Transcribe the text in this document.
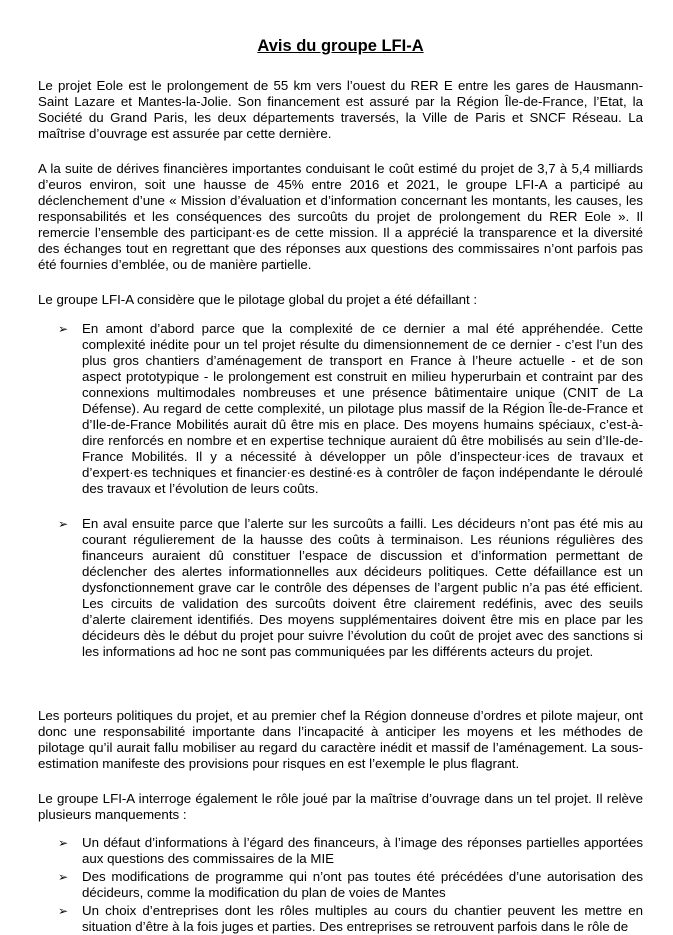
Avis du groupe LFI-A

Le projet Eole est le prolongement de 55 km vers l’ouest du RER E entre les gares de Hausmann-Saint Lazare et Mantes-la-Jolie. Son financement est assuré par la Région Île-de-France, l’Etat, la Société du Grand Paris, les deux départements traversés, la Ville de Paris et SNCF Réseau. La maîtrise d’ouvrage est assurée par cette dernière.

A la suite de dérives financières importantes conduisant le coût estimé du projet de 3,7 à 5,4 milliards d’euros environ, soit une hausse de 45% entre 2016 et 2021, le groupe LFI-A a participé au déclenchement d’une « Mission d’évaluation et d’information concernant les montants, les causes, les responsabilités et les conséquences des surcoûts du projet de prolongement du RER Eole ». Il remercie l’ensemble des participant·es de cette mission. Il a apprécié la transparence et la diversité des échanges tout en regrettant que des réponses aux questions des commissaires n’ont parfois pas été fournies d’emblée, ou de manière partielle.

Le groupe LFI-A considère que le pilotage global du projet a été défaillant :

➢ En amont d’abord parce que la complexité de ce dernier a mal été appréhendée. Cette complexité inédite pour un tel projet résulte du dimensionnement de ce dernier - c’est l’un des plus gros chantiers d’aménagement de transport en France à l’heure actuelle - et de son aspect prototypique - le prolongement est construit en milieu hyperurbain et contraint par des connexions multimodales nombreuses et une présence bâtimentaire unique (CNIT de La Défense). Au regard de cette complexité, un pilotage plus massif de la Région Île-de-France et d’Ile-de-France Mobilités aurait dû être mis en place. Des moyens humains spéciaux, c’est-à-dire renforcés en nombre et en expertise technique auraient dû être mobilisés au sein d’Ile-de-France Mobilités. Il y a nécessité à développer un pôle d’inspecteur·ices de travaux et d’expert·es techniques et financier·es destiné·es à contrôler de façon indépendante le déroulé des travaux et l’évolution de leurs coûts.
➢ En aval ensuite parce que l’alerte sur les surcoûts a failli. Les décideurs n’ont pas été mis au courant régulierement de la hausse des coûts à terminaison. Les réunions régulières des financeurs auraient dû constituer l’espace de discussion et d’information permettant de déclencher des alertes informationnelles aux décideurs politiques. Cette défaillance est un dysfonctionnement grave car le contrôle des dépenses de l’argent public n’a pas été efficient. Les circuits de validation des surcoûts doivent être clairement redéfinis, avec des seuils d’alerte clairement identifiés. Des moyens supplémentaires doivent être mis en place par les décideurs dès le début du projet pour suivre l’évolution du coût de projet avec des sanctions si les informations ad hoc ne sont pas communiquées par les différents acteurs du projet.

Les porteurs politiques du projet, et au premier chef la Région donneuse d’ordres et pilote majeur, ont donc une responsabilité importante dans l’incapacité à anticiper les moyens et les méthodes de pilotage qu’il aurait fallu mobiliser au regard du caractère inédit et massif de l’aménagement. La sous-estimation manifeste des provisions pour risques en est l’exemple le plus flagrant.

Le groupe LFI-A interroge également le rôle joué par la maîtrise d’ouvrage dans un tel projet. Il relève plusieurs manquements :

➢ Un défaut d’informations à l’égard des financeurs, à l’image des réponses partielles apportées aux questions des commissaires de la MIE
➢ Des modifications de programme qui n’ont pas toutes été précédées d’une autorisation des décideurs, comme la modification du plan de voies de Mantes
➢ Un choix d’entreprises dont les rôles multiples au cours du chantier peuvent les mettre en situation d’être à la fois juges et parties. Des entreprises se retrouvent parfois dans le rôle de
